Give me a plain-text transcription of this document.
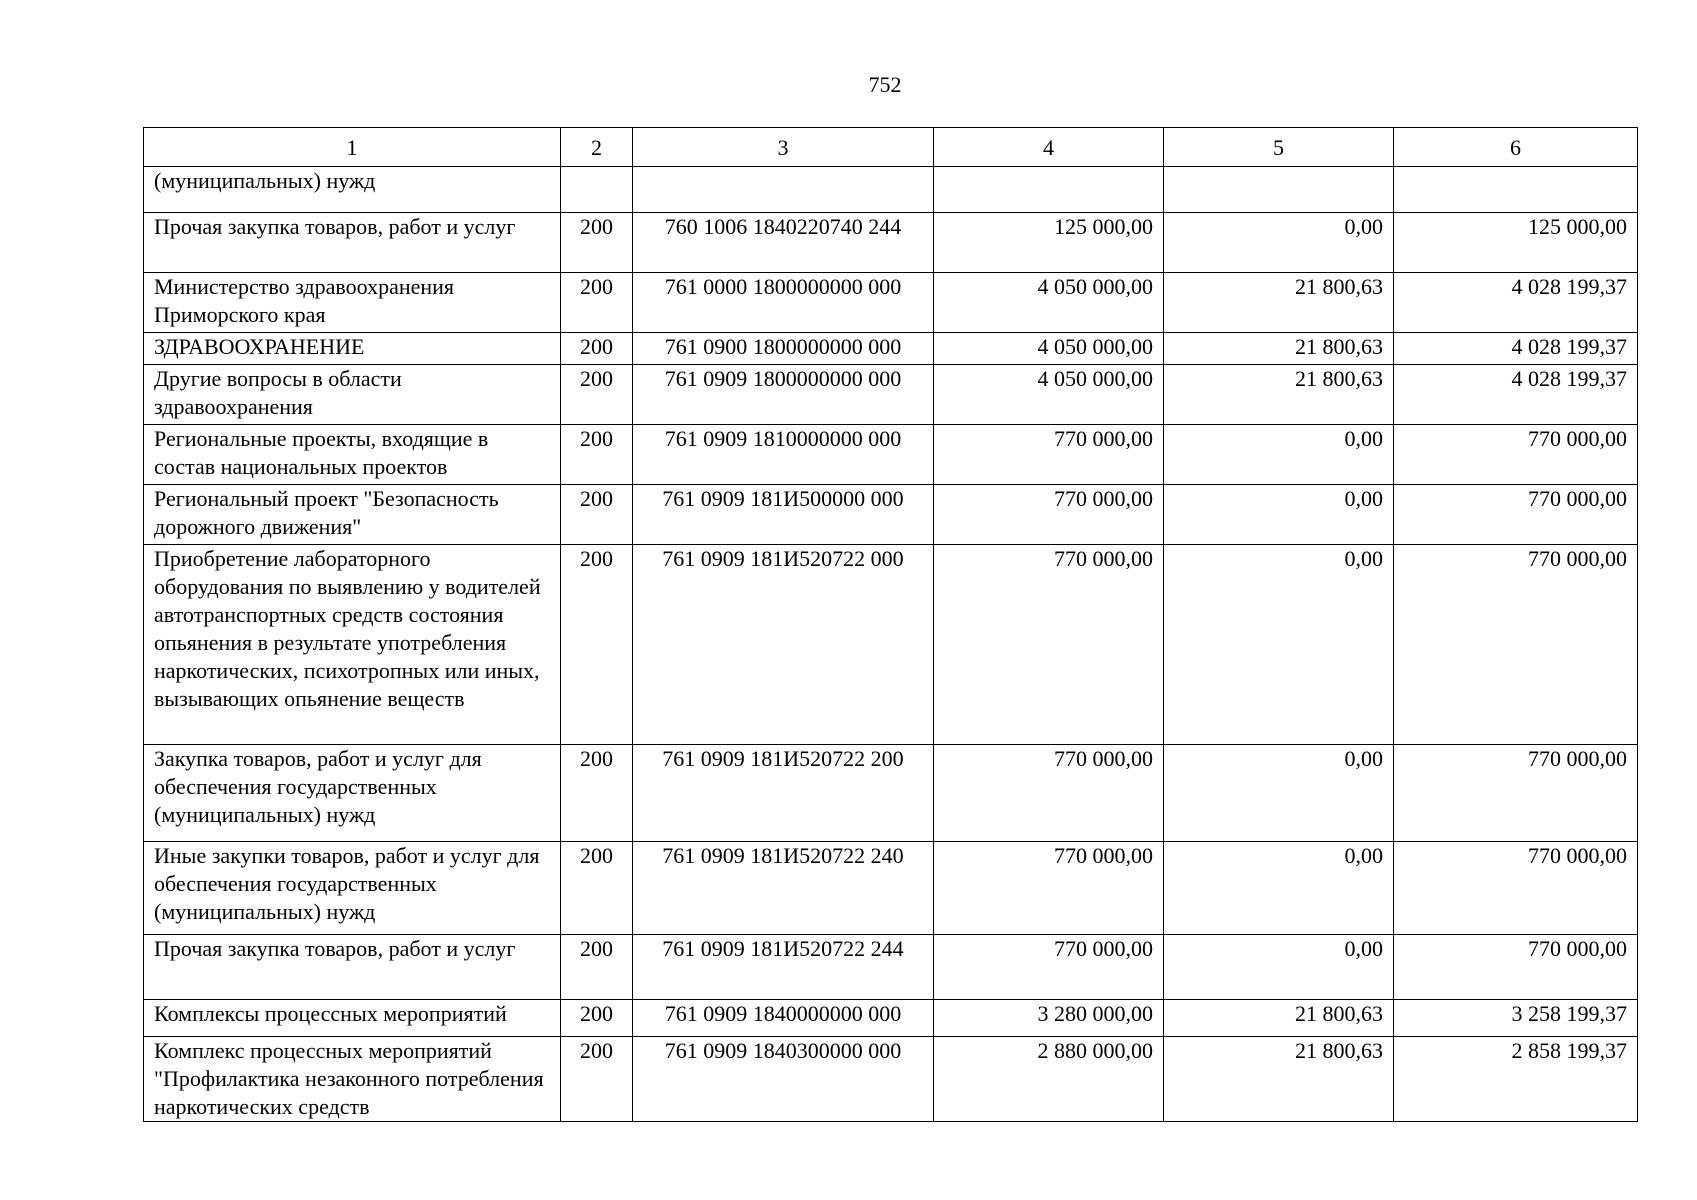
752
1	2	3	4	5	6
(муниципальных) нужд					
Прочая закупка товаров, работ и услуг	200	760 1006 1840220740 244	125 000,00	0,00	125 000,00
Министерство здравоохранения Приморского края	200	761 0000 1800000000 000	4 050 000,00	21 800,63	4 028 199,37
ЗДРАВООХРАНЕНИЕ	200	761 0900 1800000000 000	4 050 000,00	21 800,63	4 028 199,37
Другие вопросы в области здравоохранения	200	761 0909 1800000000 000	4 050 000,00	21 800,63	4 028 199,37
Региональные проекты, входящие в состав национальных проектов	200	761 0909 1810000000 000	770 000,00	0,00	770 000,00
Региональный проект "Безопасность дорожного движения"	200	761 0909 181И500000 000	770 000,00	0,00	770 000,00
Приобретение лабораторного оборудования по выявлению у водителей автотранспортных средств состояния опьянения в результате употребления наркотических, психотропных или иных, вызывающих опьянение веществ	200	761 0909 181И520722 000	770 000,00	0,00	770 000,00
Закупка товаров, работ и услуг для обеспечения государственных (муниципальных) нужд	200	761 0909 181И520722 200	770 000,00	0,00	770 000,00
Иные закупки товаров, работ и услуг для обеспечения государственных (муниципальных) нужд	200	761 0909 181И520722 240	770 000,00	0,00	770 000,00
Прочая закупка товаров, работ и услуг	200	761 0909 181И520722 244	770 000,00	0,00	770 000,00
Комплексы процессных мероприятий	200	761 0909 1840000000 000	3 280 000,00	21 800,63	3 258 199,37
Комплекс процессных мероприятий "Профилактика незаконного потребления наркотических средств	200	761 0909 1840300000 000	2 880 000,00	21 800,63	2 858 199,37
